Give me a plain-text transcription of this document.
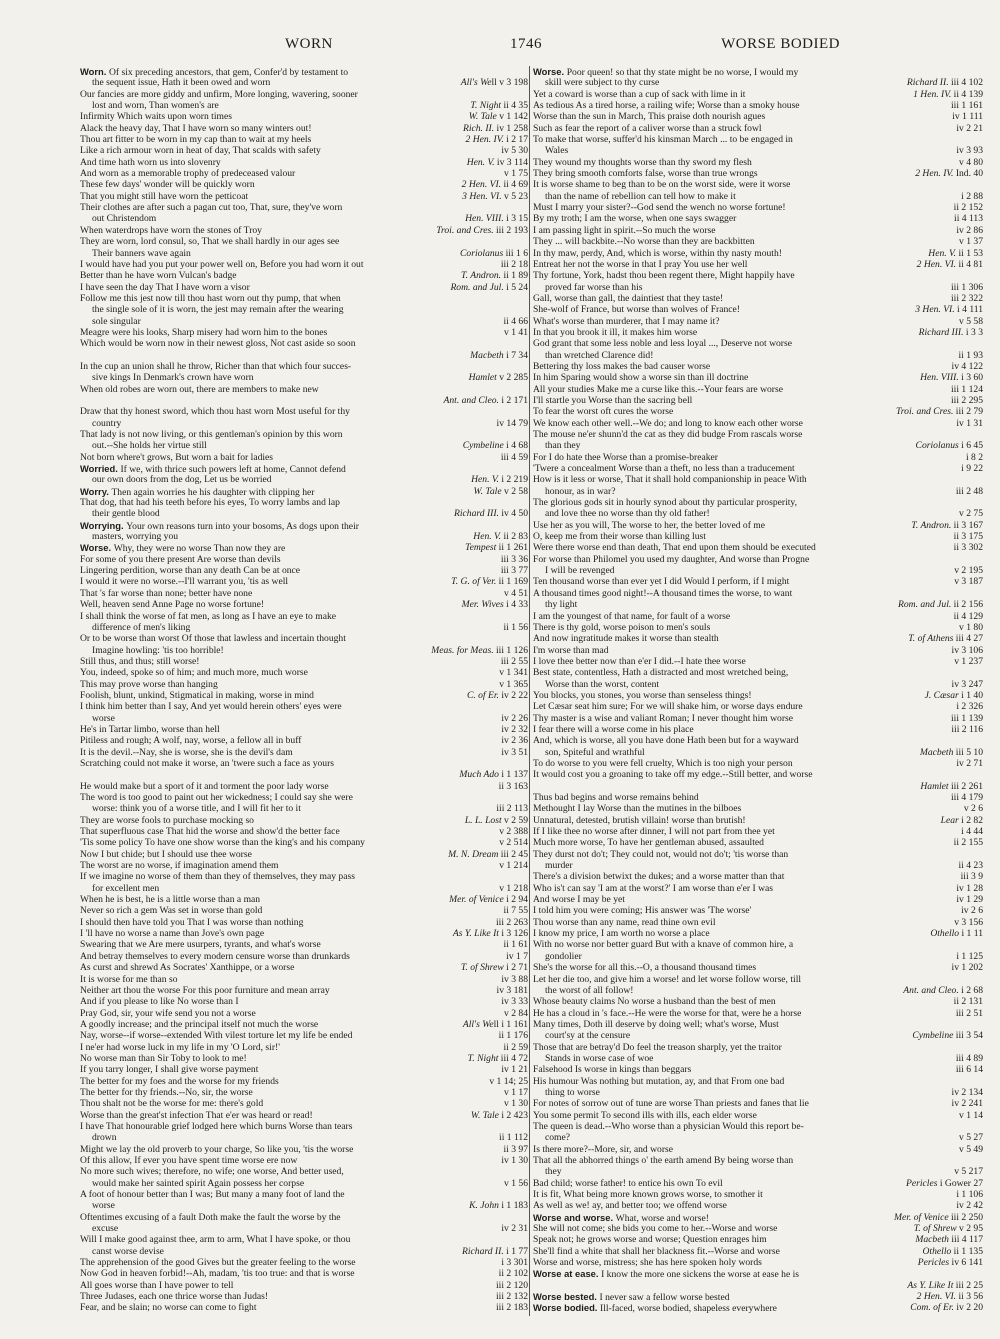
WORN	1746	WORSE BODIED
Worn. Of six preceding ancestors, that gem, Confer'd by testament to
the sequent issue, Hath it been owed and worn	All's Well v 3 198
Our fancies are more giddy and unfirm, More longing, wavering, sooner
lost and worn, Than women's are	T. Night ii 4 35
Infirmity Which waits upon worn times	W. Tale v 1 142
Alack the heavy day, That I have worn so many winters out!	Rich. II. iv 1 258
Thou art fitter to be worn in my cap than to wait at my heels	2 Hen. IV. i 2 17
Like a rich armour worn in heat of day, That scalds with safety	iv 5 30
And time hath worn us into slovenry	Hen. V. iv 3 114
And worn as a memorable trophy of predeceased valour	v 1 75
These few days' wonder will be quickly worn	2 Hen. VI. ii 4 69
That you might still have worn the petticoat	3 Hen. VI. v 5 23
Their clothes are after such a pagan cut too, That, sure, they've worn
out Christendom	Hen. VIII. i 3 15
When waterdrops have worn the stones of Troy	Troi. and Cres. iii 2 193
They are worn, lord consul, so, That we shall hardly in our ages see
Their banners wave again	Coriolanus iii 1 6
I would have had you put your power well on, Before you had worn it out	iii 2 18
Better than he have worn Vulcan's badge	T. Andron. ii 1 89
I have seen the day That I have worn a visor	Rom. and Jul. i 5 24
Follow me this jest now till thou hast worn out thy pump, that when
the single sole of it is worn, the jest may remain after the wearing
sole singular	ii 4 66
Meagre were his looks, Sharp misery had worn him to the bones	v 1 41
Which would be worn now in their newest gloss, Not cast aside so soon
Macbeth i 7 34
In the cup an union shall he throw, Richer than that which four succes-
sive kings In Denmark's crown have worn	Hamlet v 2 285
When old robes are worn out, there are members to make new
Ant. and Cleo. i 2 171
Draw that thy honest sword, which thou hast worn Most useful for thy
country	iv 14 79
That lady is not now living, or this gentleman's opinion by this worn
out.--She holds her virtue still	Cymbeline i 4 68
Not born where't grows, But worn a bait for ladies	iii 4 59
Worried. If we, with thrice such powers left at home, Cannot defend
our own doors from the dog, Let us be worried	Hen. V. i 2 219
Worry. Then again worries he his daughter with clipping her	W. Tale v 2 58
That dog, that had his teeth before his eyes, To worry lambs and lap
their gentle blood	Richard III. iv 4 50
Worrying. Your own reasons turn into your bosoms, As dogs upon their
masters, worrying you	Hen. V. ii 2 83
Worse. Why, they were no worse Than now they are	Tempest ii 1 261
For some of you there present Are worse than devils	iii 3 36
Lingering perdition, worse than any death Can be at once	iii 3 77
I would it were no worse.--I'll warrant you, 'tis as well	T. G. of Ver. ii 1 169
That 's far worse than none; better have none	v 4 51
Well, heaven send Anne Page no worse fortune!	Mer. Wives i 4 33
I shall think the worse of fat men, as long as I have an eye to make
difference of men's liking	ii 1 56
Or to be worse than worst Of those that lawless and incertain thought
Imagine howling: 'tis too horrible!	Meas. for Meas. iii 1 126
Still thus, and thus; still worse!	iii 2 55
You, indeed, spoke so of him; and much more, much worse	v 1 341
This may prove worse than hanging	v 1 365
Foolish, blunt, unkind, Stigmatical in making, worse in mind	C. of Er. iv 2 22
I think him better than I say, And yet would herein others' eyes were
worse	iv 2 26
He's in Tartar limbo, worse than hell	iv 2 32
Pitiless and rough; A wolf, nay, worse, a fellow all in buff	iv 2 36
It is the devil.--Nay, she is worse, she is the devil's dam	iv 3 51
Scratching could not make it worse, an 'twere such a face as yours
Much Ado i 1 137
He would make but a sport of it and torment the poor lady worse	ii 3 163
The word is too good to paint out her wickedness; I could say she were
worse: think you of a worse title, and I will fit her to it	iii 2 113
They are worse fools to purchase mocking so	L. L. Lost v 2 59
That superfluous case That hid the worse and show'd the better face	v 2 388
'Tis some policy To have one show worse than the king's and his company	v 2 514
Now I but chide; but I should use thee worse	M. N. Dream iii 2 45
The worst are no worse, if imagination amend them	v 1 214
If we imagine no worse of them than they of themselves, they may pass
for excellent men	v 1 218
When he is best, he is a little worse than a man	Mer. of Venice i 2 94
Never so rich a gem Was set in worse than gold	ii 7 55
I should then have told you That I was worse than nothing	iii 2 263
I 'll have no worse a name than Jove's own page	As Y. Like It i 3 126
Swearing that we Are mere usurpers, tyrants, and what's worse	ii 1 61
And betray themselves to every modern censure worse than drunkards	iv 1 7
As curst and shrewd As Socrates' Xanthippe, or a worse	T. of Shrew i 2 71
It is worse for me than so	iv 3 88
Neither art thou the worse For this poor furniture and mean array	iv 3 181
And if you please to like No worse than I	iv 3 33
Pray God, sir, your wife send you not a worse	v 2 84
A goodly increase; and the principal itself not much the worse	All's Well i 1 161
Nay, worse--if worse--extended With vilest torture let my life be ended	ii 1 176
I ne'er had worse luck in my life in my 'O Lord, sir!'	ii 2 59
No worse man than Sir Toby to look to me!	T. Night iii 4 72
If you tarry longer, I shall give worse payment	iv 1 21
The better for my foes and the worse for my friends	v 1 14; 25
The better for thy friends.--No, sir, the worse	v 1 17
Thou shalt not be the worse for me: there's gold	v 1 30
Worse than the great'st infection That e'er was heard or read!	W. Tale i 2 423
I have That honourable grief lodged here which burns Worse than tears
drown	ii 1 112
Might we lay the old proverb to your charge, So like you, 'tis the worse	ii 3 97
Of this allow, If ever you have spent time worse ere now	iv 1 30
No more such wives; therefore, no wife; one worse, And better used,
would make her sainted spirit Again possess her corpse	v 1 56
A foot of honour better than I was; But many a many foot of land the
worse	K. John i 1 183
Oftentimes excusing of a fault Doth make the fault the worse by the
excuse	iv 2 31
Will I make good against thee, arm to arm, What I have spoke, or thou
canst worse devise	Richard II. i 1 77
The apprehension of the good Gives but the greater feeling to the worse	i 3 301
Now God in heaven forbid!--Ah, madam, 'tis too true: and that is worse	ii 2 102
All goes worse than I have power to tell	iii 2 120
Three Judases, each one thrice worse than Judas!	iii 2 132
Fear, and be slain; no worse can come to fight	iii 2 183
Worse. Poor queen! so that thy state might be no worse, I would my
skill were subject to thy curse	Richard II. iii 4 102
Yet a coward is worse than a cup of sack with lime in it	1 Hen. IV. ii 4 139
As tedious As a tired horse, a railing wife; Worse than a smoky house	iii 1 161
Worse than the sun in March, This praise doth nourish agues	iv 1 111
Such as fear the report of a caliver worse than a struck fowl	iv 2 21
To make that worse, suffer'd his kinsman March ... to be engaged in
Wales	iv 3 93
They wound my thoughts worse than thy sword my flesh	v 4 80
They bring smooth comforts false, worse than true wrongs	2 Hen. IV. Ind. 40
It is worse shame to beg than to be on the worst side, were it worse
than the name of rebellion can tell how to make it	i 2 88
Must I marry your sister?--God send the wench no worse fortune!	ii 2 152
By my troth; I am the worse, when one says swagger	ii 4 113
I am passing light in spirit.--So much the worse	iv 2 86
They ... will backbite.--No worse than they are backbitten	v 1 37
In thy maw, perdy, And, which is worse, within thy nasty mouth!	Hen. V. ii 1 53
Entreat her not the worse in that I pray You use her well	2 Hen. VI. ii 4 81
Thy fortune, York, hadst thou been regent there, Might happily have
proved far worse than his	iii 1 306
Gall, worse than gall, the daintiest that they taste!	iii 2 322
She-wolf of France, but worse than wolves of France!	3 Hen. VI. i 4 111
What's worse than murderer, that I may name it?	v 5 58
In that you brook it ill, it makes him worse	Richard III. i 3 3
God grant that some less noble and less loyal ..., Deserve not worse
than wretched Clarence did!	ii 1 93
Bettering thy loss makes the bad causer worse	iv 4 122
In him Sparing would show a worse sin than ill doctrine	Hen. VIII. i 3 60
All your studies Make me a curse like this.--Your fears are worse	iii 1 124
I'll startle you Worse than the sacring bell	iii 2 295
To fear the worst oft cures the worse	Troi. and Cres. iii 2 79
We know each other well.--We do; and long to know each other worse	iv 1 31
The mouse ne'er shunn'd the cat as they did budge From rascals worse
than they	Coriolanus i 6 45
For I do hate thee Worse than a promise-breaker	i 8 2
'Twere a concealment Worse than a theft, no less than a traducement	i 9 22
How is it less or worse, That it shall hold companionship in peace With
honour, as in war?	iii 2 48
The glorious gods sit in hourly synod about thy particular prosperity,
and love thee no worse than thy old father!	v 2 75
Use her as you will, The worse to her, the better loved of me	T. Andron. ii 3 167
O, keep me from their worse than killing lust	ii 3 175
Were there worse end than death, That end upon them should be executed	ii 3 302
For worse than Philomel you used my daughter, And worse than Progne
I will be revenged	v 2 195
Ten thousand worse than ever yet I did Would I perform, if I might	v 3 187
A thousand times good night!--A thousand times the worse, to want
thy light	Rom. and Jul. ii 2 156
I am the youngest of that name, for fault of a worse	ii 4 129
There is thy gold, worse poison to men's souls	v 1 80
And now ingratitude makes it worse than stealth	T. of Athens iii 4 27
I'm worse than mad	iv 3 106
I love thee better now than e'er I did.--I hate thee worse	v 1 237
Best state, contentless, Hath a distracted and most wretched being,
Worse than the worst, content	iv 3 247
You blocks, you stones, you worse than senseless things!	J. Cæsar i 1 40
Let Cæsar seat him sure; For we will shake him, or worse days endure	i 2 326
Thy master is a wise and valiant Roman; I never thought him worse	iii 1 139
I fear there will a worse come in his place	iii 2 116
And, which is worse, all you have done Hath been but for a wayward
son, Spiteful and wrathful	Macbeth iii 5 10
To do worse to you were fell cruelty, Which is too nigh your person	iv 2 71
It would cost you a groaning to take off my edge.--Still better, and worse
Hamlet iii 2 261
Thus bad begins and worse remains behind	iii 4 179
Methought I lay Worse than the mutines in the bilboes	v 2 6
Unnatural, detested, brutish villain! worse than brutish!	Lear i 2 82
If I like thee no worse after dinner, I will not part from thee yet	i 4 44
Much more worse, To have her gentleman abused, assaulted	ii 2 155
They durst not do't; They could not, would not do't; 'tis worse than
murder	ii 4 23
There's a division betwixt the dukes; and a worse matter than that	iii 3 9
Who is't can say 'I am at the worst?' I am worse than e'er I was	iv 1 28
And worse I may be yet	iv 1 29
I told him you were coming; His answer was 'The worse'	iv 2 6
Thou worse than any name, read thine own evil	v 3 156
I know my price, I am worth no worse a place	Othello i 1 11
With no worse nor better guard But with a knave of common hire, a
gondolier	i 1 125
She's the worse for all this.--O, a thousand thousand times	iv 1 202
Let her die too, and give him a worse! and let worse follow worse, till
the worst of all follow!	Ant. and Cleo. i 2 68
Whose beauty claims No worse a husband than the best of men	ii 2 131
He has a cloud in 's face.--He were the worse for that, were he a horse	iii 2 51
Many times, Doth ill deserve by doing well; what's worse, Must
court'sy at the censure	Cymbeline iii 3 54
Those that are betray'd Do feel the treason sharply, yet the traitor
Stands in worse case of woe	iii 4 89
Falsehood Is worse in kings than beggars	iii 6 14
His humour Was nothing but mutation, ay, and that From one bad
thing to worse	iv 2 134
For notes of sorrow out of tune are worse Than priests and fanes that lie	iv 2 241
You some permit To second ills with ills, each elder worse	v 1 14
The queen is dead.--Who worse than a physician Would this report be-
come?	v 5 27
Is there more?--More, sir, and worse	v 5 49
That all the abhorred things o' the earth amend By being worse than
they	v 5 217
Bad child; worse father! to entice his own To evil	Pericles i Gower 27
It is fit, What being more known grows worse, to smother it	i 1 106
As well as we! ay, and better too; we offend worse	iv 2 42
Worse and worse. What, worse and worse!	Mer. of Venice iii 2 250
She will not come; she bids you come to her.--Worse and worse	T. of Shrew v 2 95
Speak not; he grows worse and worse; Question enrages him	Macbeth iii 4 117
She'll find a white that shall her blackness fit.--Worse and worse	Othello ii 1 135
Worse and worse, mistress; she has here spoken holy words	Pericles iv 6 141
Worse at ease. I know the more one sickens the worse at ease he is
As Y. Like It iii 2 25
Worse bested. I never saw a fellow worse bested	2 Hen. VI. ii 3 56
Worse bodied. Ill-faced, worse bodied, shapeless everywhere	Com. of Er. iv 2 20
